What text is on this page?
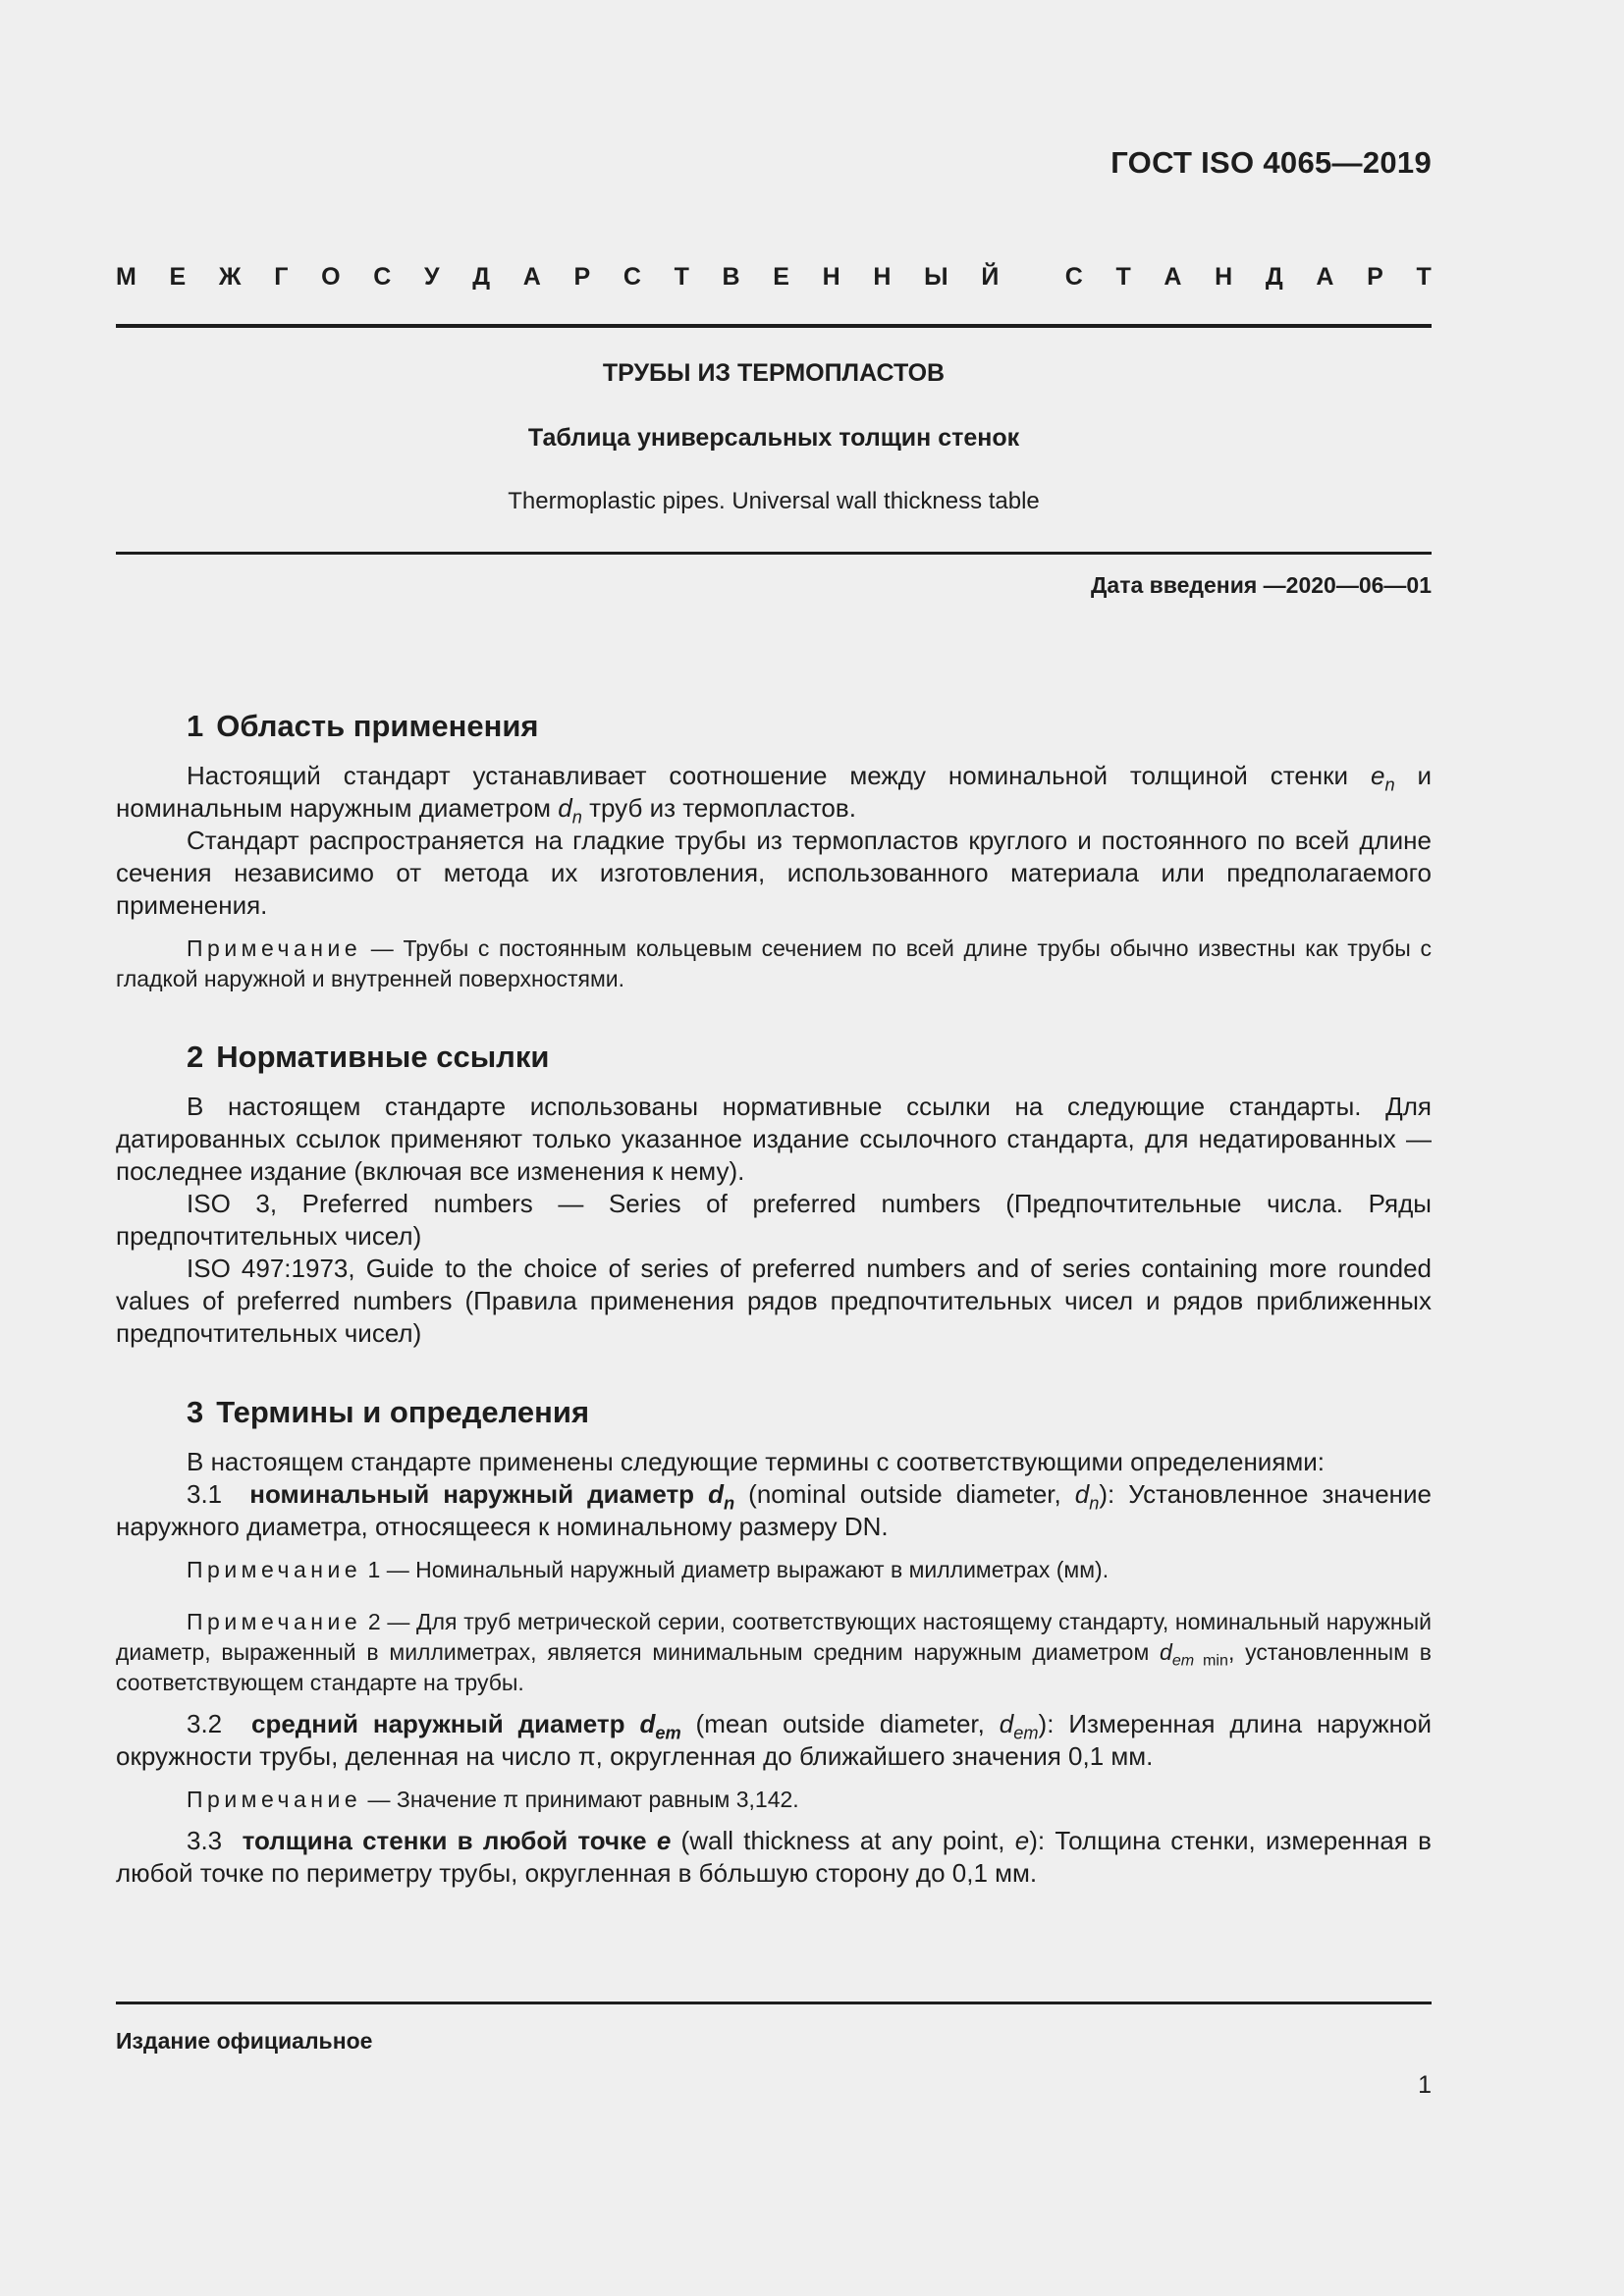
ГОСТ ISO 4065—2019
М Е Ж Г О С У Д А Р С Т В Е Н Н Ы Й	С Т А Н Д А Р Т
ТРУБЫ ИЗ ТЕРМОПЛАСТОВ
Таблица универсальных толщин стенок
Thermoplastic pipes. Universal wall thickness table
Дата введения —2020—06—01
1 Область применения

Настоящий стандарт устанавливает соотношение между номинальной толщиной стенки $e_n$ и номинальным наружным диаметром $d_n$ труб из термопластов.

Стандарт распространяется на гладкие трубы из термопластов круглого и постоянного по всей длине сечения независимо от метода их изготовления, использованного материала или предполагаемого применения.

Примечание — Трубы с постоянным кольцевым сечением по всей длине трубы обычно известны как трубы с гладкой наружной и внутренней поверхностями.

2 Нормативные ссылки

В настоящем стандарте использованы нормативные ссылки на следующие стандарты. Для датированных ссылок применяют только указанное издание ссылочного стандарта, для недатированных — последнее издание (включая все изменения к нему).

ISO 3, Preferred numbers — Series of preferred numbers (Предпочтительные числа. Ряды предпочтительных чисел)

ISO 497:1973, Guide to the choice of series of preferred numbers and of series containing more rounded values of preferred numbers (Правила применения рядов предпочтительных чисел и рядов приближенных предпочтительных чисел)

3 Термины и определения

В настоящем стандарте применены следующие термины с соответствующими определениями:

3.1 номинальный наружный диаметр $d_n$ (nominal outside diameter, $d_n$): Установленное значение наружного диаметра, относящееся к номинальному размеру DN.

Примечание 1 — Номинальный наружный диаметр выражают в миллиметрах (мм).

Примечание 2 — Для труб метрической серии, соответствующих настоящему стандарту, номинальный наружный диаметр, выраженный в миллиметрах, является минимальным средним наружным диаметром $d_{em min}$, установленным в соответствующем стандарте на трубы.

3.2 средний наружный диаметр $d_{em}$ (mean outside diameter, $d_{em}$): Измеренная длина наружной окружности трубы, деленная на число π, округленная до ближайшего значения 0,1 мм.

Примечание — Значение π принимают равным 3,142.

3.3 толщина стенки в любой точке e (wall thickness at any point, e): Толщина стенки, измеренная в любой точке по периметру трубы, округленная в бо́льшую сторону до 0,1 мм.

Издание официальное
1
